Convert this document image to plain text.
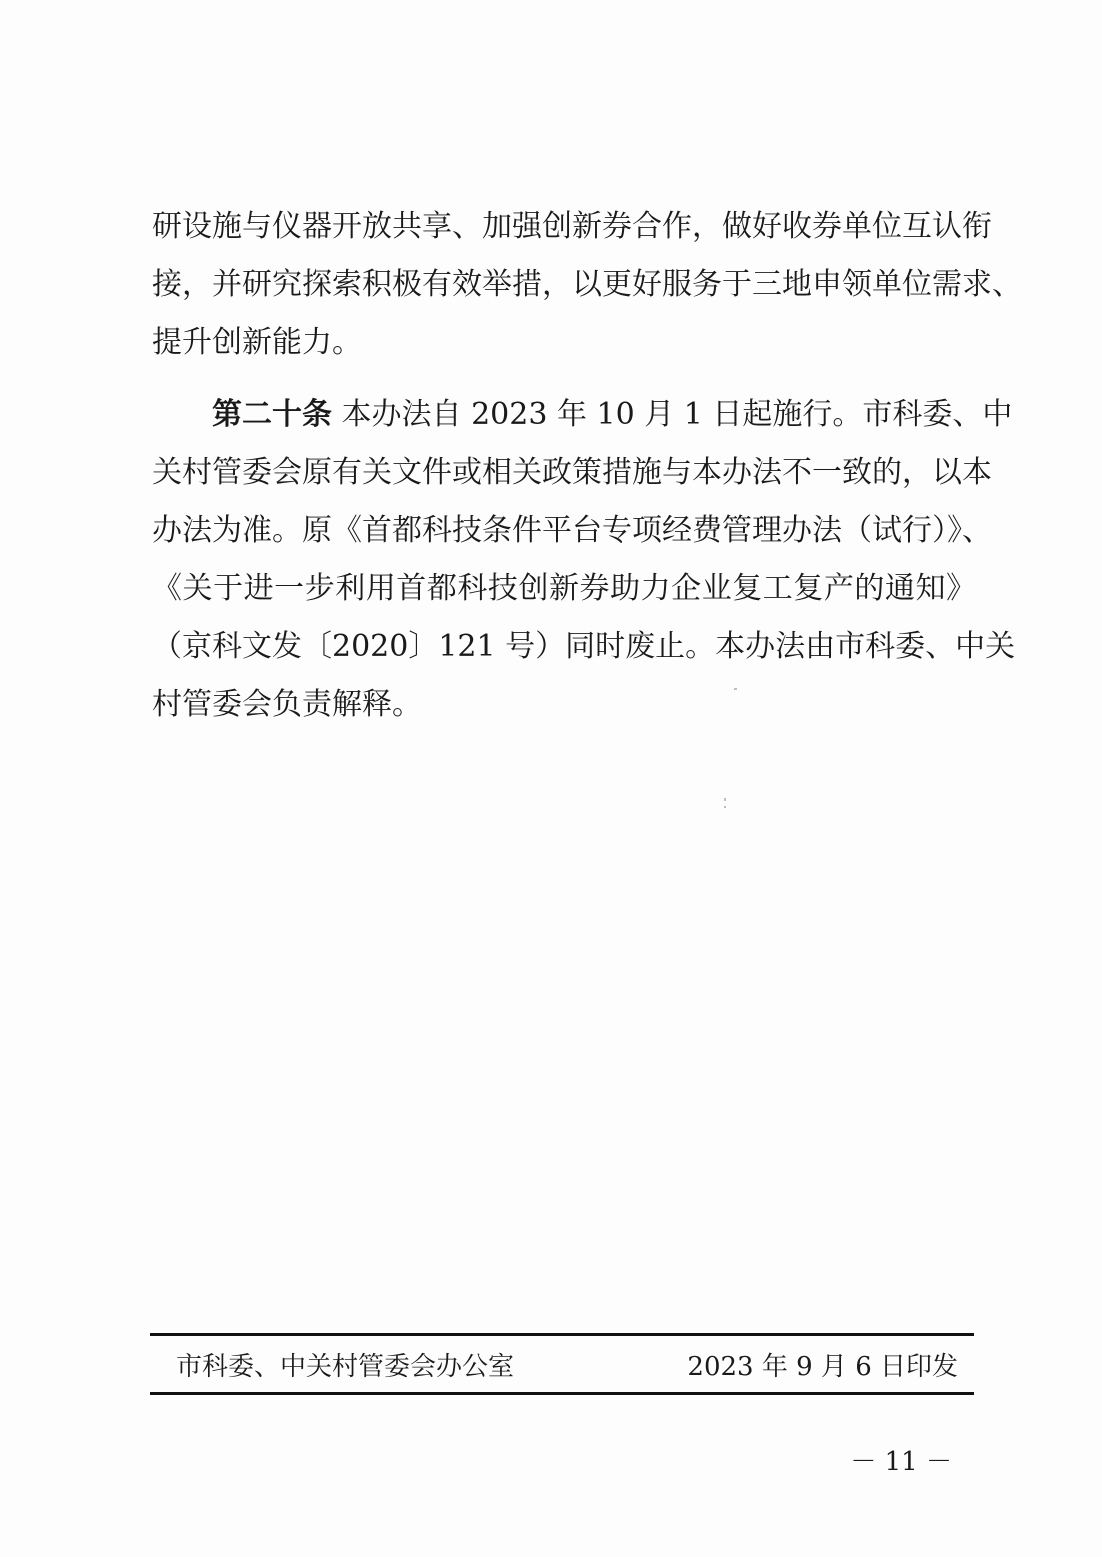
研设施与仪器开放共享、加强创新券合作，做好收券单位互认衔
接，并研究探索积极有效举措，以更好服务于三地申领单位需求、
提升创新能力。
第二十条 本办法自 2023 年 10 月 1 日起施行。市科委、中
关村管委会原有关文件或相关政策措施与本办法不一致的，以本
办法为准。原《首都科技条件平台专项经费管理办法（试行）》、
《关于进一步利用首都科技创新券助力企业复工复产的通知》
（京科文发〔2020〕121 号）同时废止。本办法由市科委、中关
村管委会负责解释。
市科委、中关村管委会办公室	2023 年 9 月 6 日印发
－ 11 －
